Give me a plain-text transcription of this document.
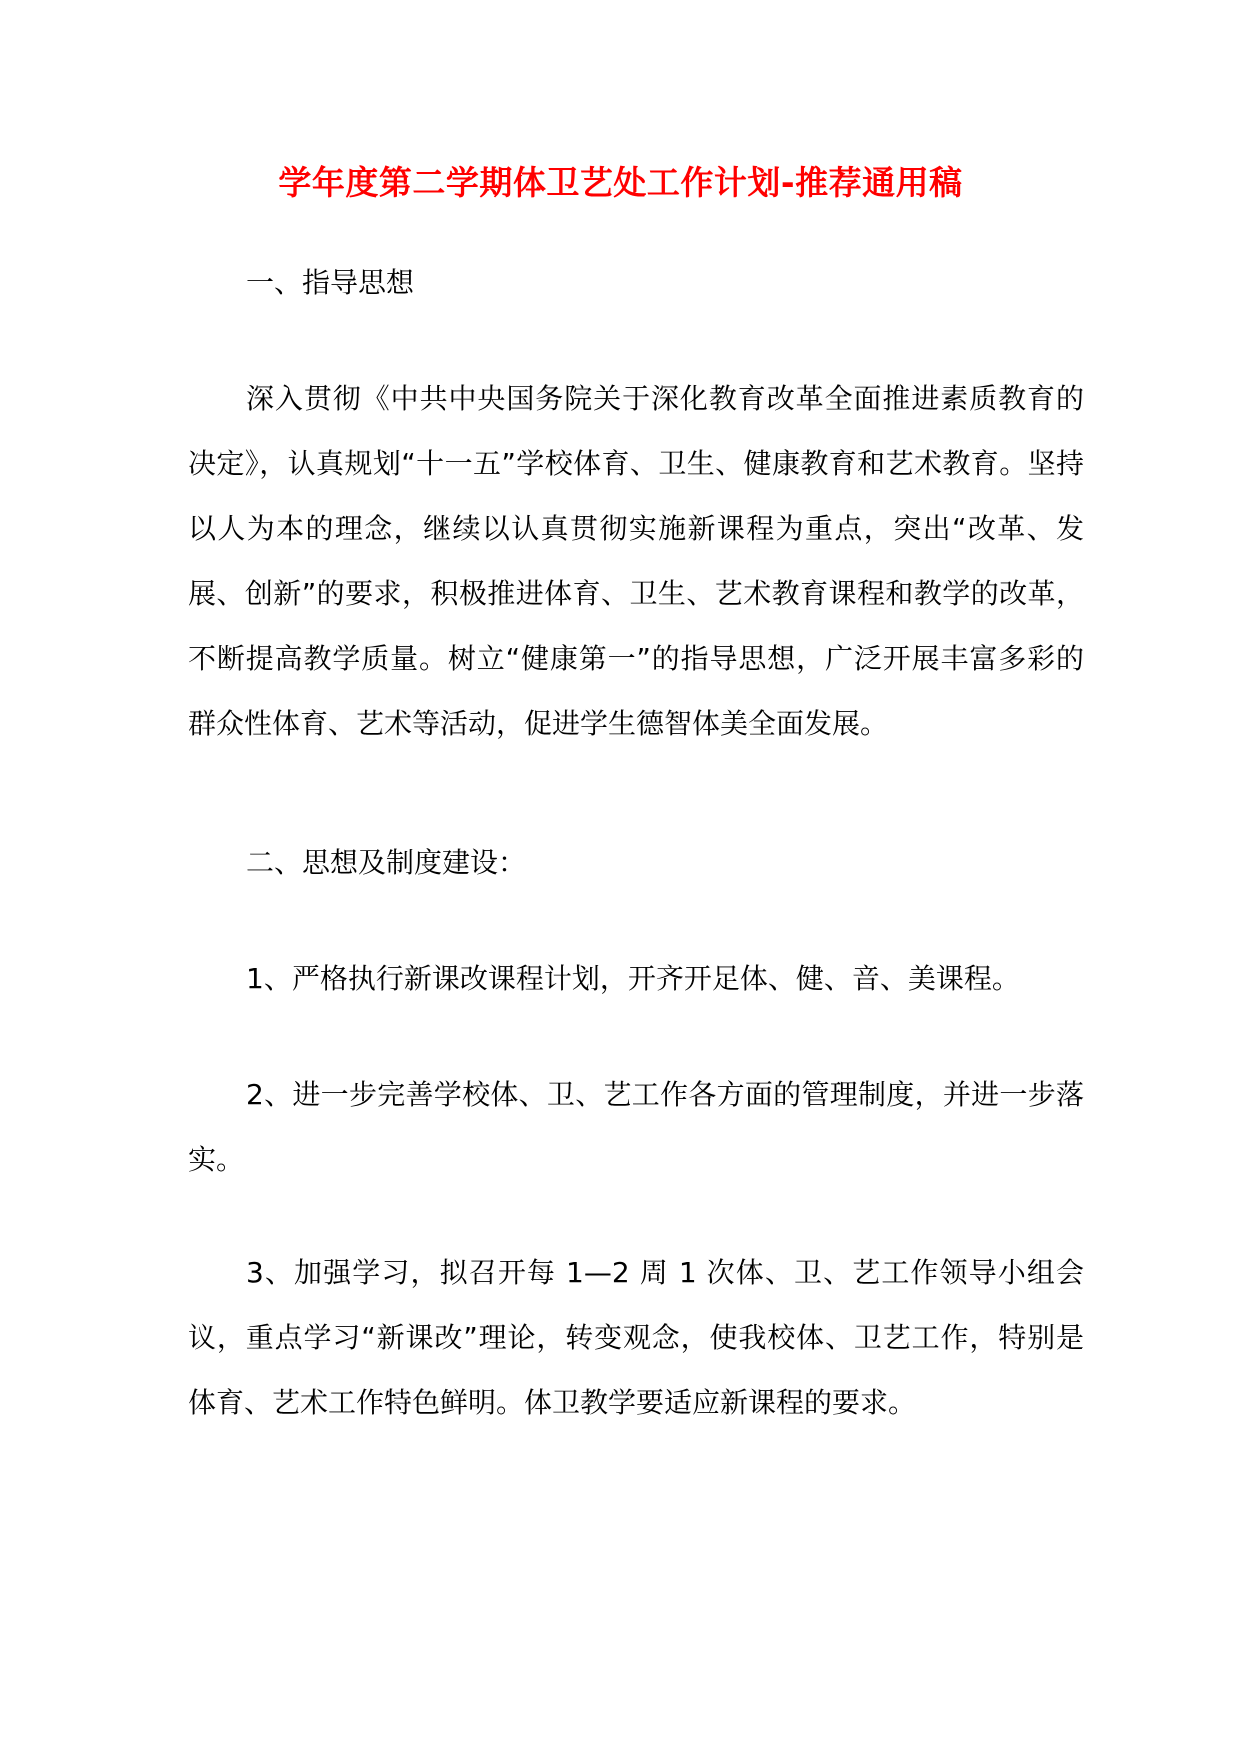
学年度第二学期体卫艺处工作计划-推荐通用稿

一、指导思想

深入贯彻《中共中央国务院关于深化教育改革全面推进素质教育的决定》，认真规划“十一五”学校体育、卫生、健康教育和艺术教育。坚持以人为本的理念，继续以认真贯彻实施新课程为重点，突出“改革、发展、创新”的要求，积极推进体育、卫生、艺术教育课程和教学的改革，不断提高教学质量。树立“健康第一”的指导思想，广泛开展丰富多彩的群众性体育、艺术等活动，促进学生德智体美全面发展。

二、思想及制度建设：

1、严格执行新课改课程计划，开齐开足体、健、音、美课程。

2、进一步完善学校体、卫、艺工作各方面的管理制度，并进一步落实。

3、加强学习，拟召开每 1—2 周 1 次体、卫、艺工作领导小组会议，重点学习“新课改”理论，转变观念，使我校体、卫艺工作，特别是体育、艺术工作特色鲜明。体卫教学要适应新课程的要求。
